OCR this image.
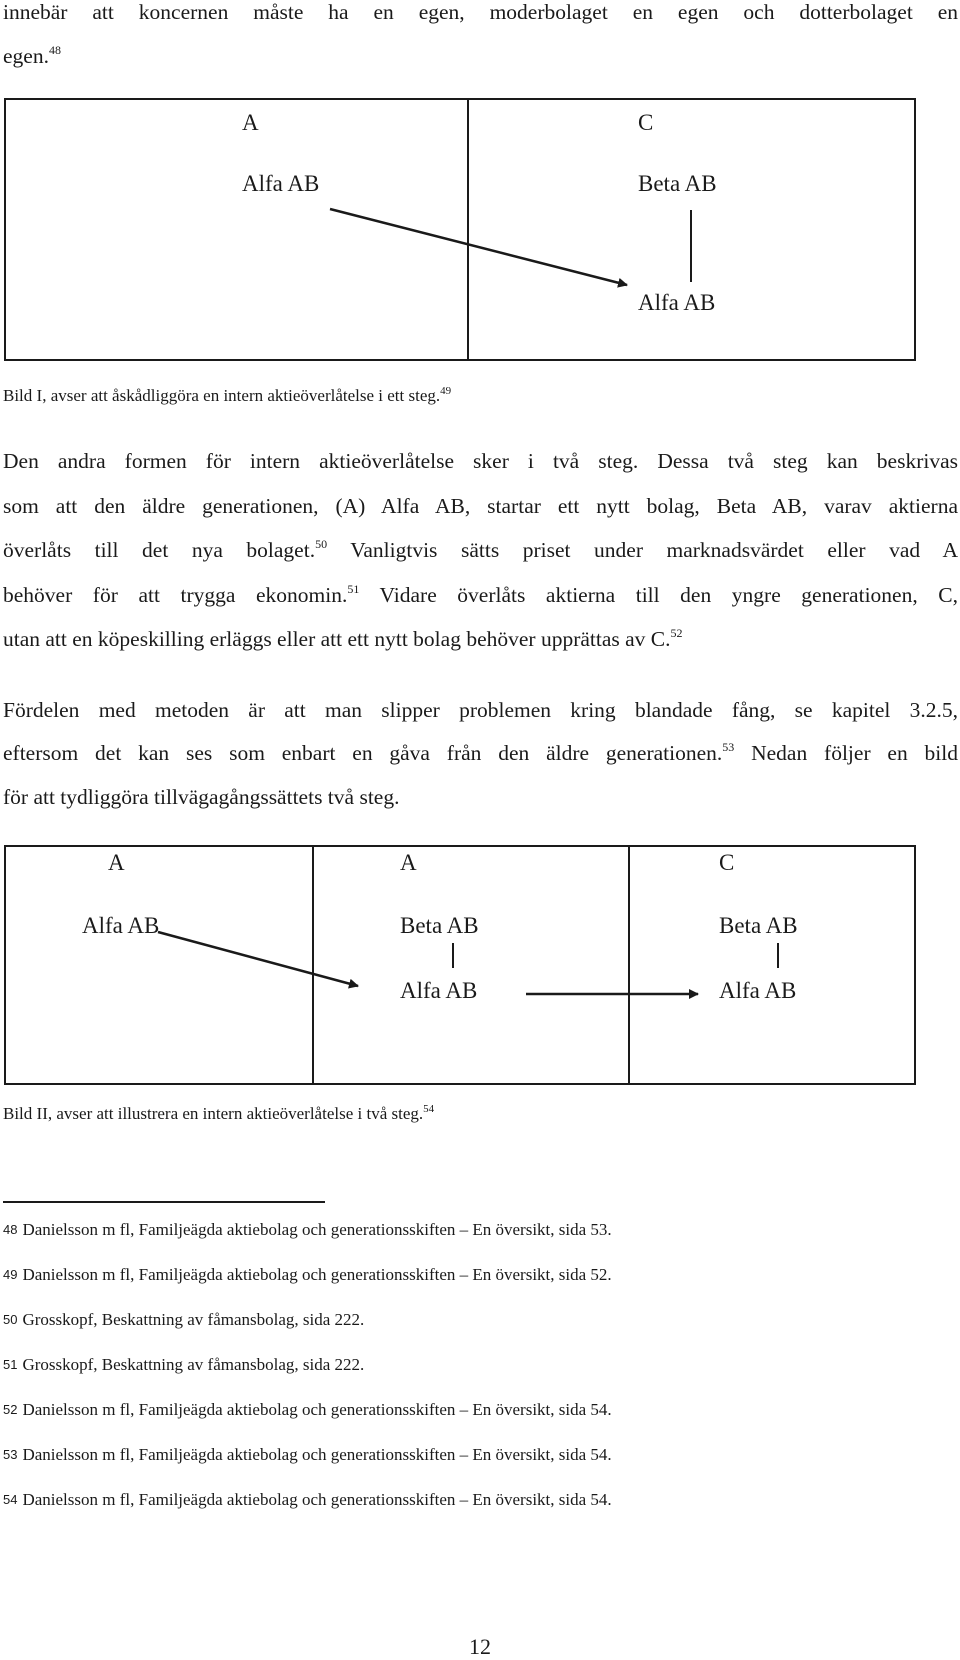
innebär att koncernen måste ha en egen, moderbolaget en egen och dotterbolaget en
egen.$^{48}$
A
Alfa AB
C
Beta AB
Alfa AB
Bild I, avser att åskådliggöra en intern aktieöverlåtelse i ett steg.$^{49}$
Den andra formen för intern aktieöverlåtelse sker i två steg. Dessa två steg kan beskrivas
som att den äldre generationen, (A) Alfa AB, startar ett nytt bolag, Beta AB, varav aktierna
överlåts till det nya bolaget.$^{50}$ Vanligtvis sätts priset under marknadsvärdet eller vad A
behöver för att trygga ekonomin.$^{51}$ Vidare överlåts aktierna till den yngre generationen, C,
utan att en köpeskilling erläggs eller att ett nytt bolag behöver upprättas av C.$^{52}$
Fördelen med metoden är att man slipper problemen kring blandade fång, se kapitel 3.2.5,
eftersom det kan ses som enbart en gåva från den äldre generationen.$^{53}$ Nedan följer en bild
för att tydliggöra tillvägagångssättets två steg.
A
Alfa AB
A
Beta AB
Alfa AB
C
Beta AB
Alfa AB
Bild II, avser att illustrera en intern aktieöverlåtelse i två steg.$^{54}$
48 Danielsson m fl, Familjeägda aktiebolag och generationsskiften – En översikt, sida 53.
49 Danielsson m fl, Familjeägda aktiebolag och generationsskiften – En översikt, sida 52.
50 Grosskopf, Beskattning av fåmansbolag, sida 222.
51 Grosskopf, Beskattning av fåmansbolag, sida 222.
52 Danielsson m fl, Familjeägda aktiebolag och generationsskiften – En översikt, sida 54.
53 Danielsson m fl, Familjeägda aktiebolag och generationsskiften – En översikt, sida 54.
54 Danielsson m fl, Familjeägda aktiebolag och generationsskiften – En översikt, sida 54.
12
